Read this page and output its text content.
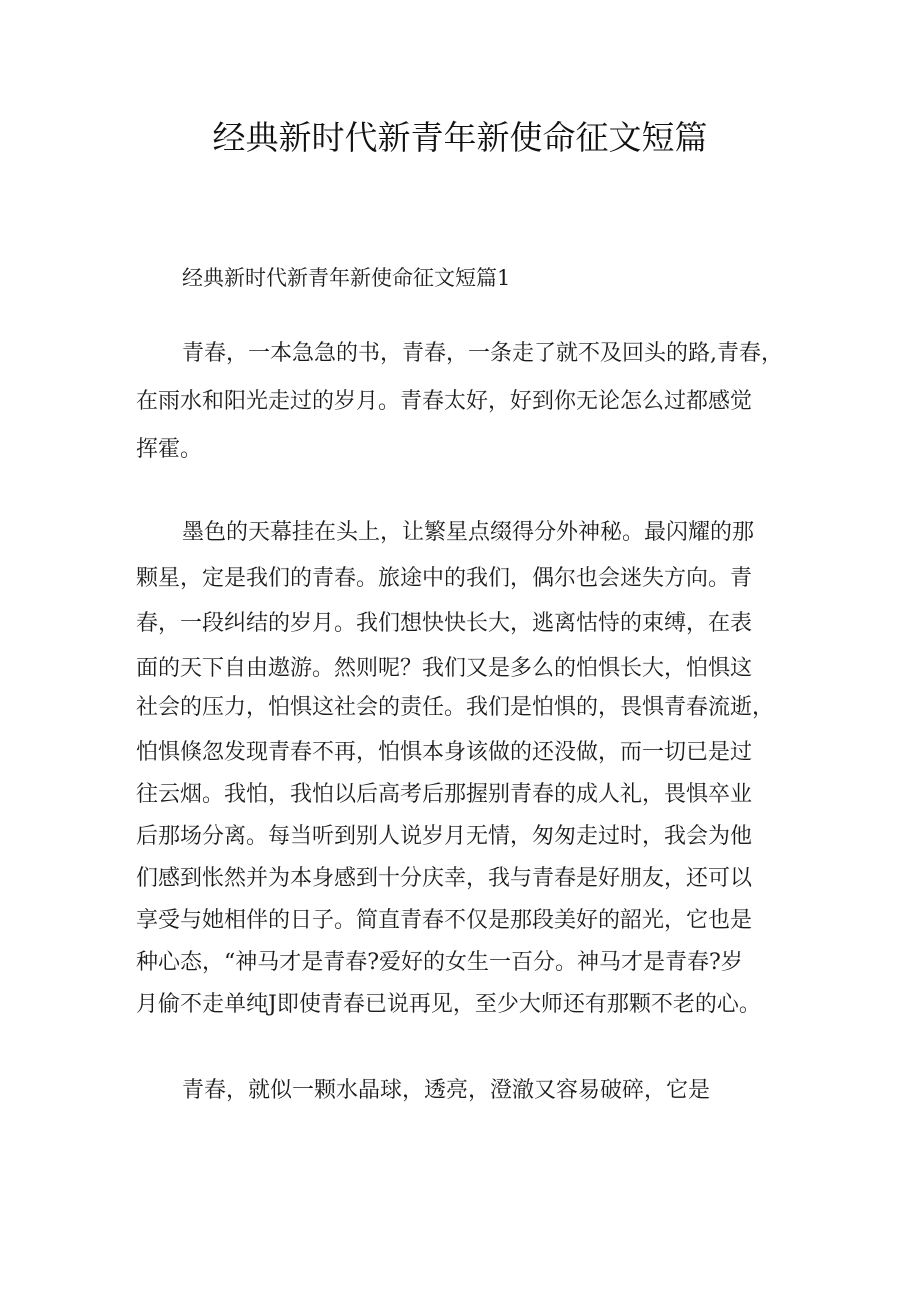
经典新时代新青年新使命征文短篇

经典新时代新青年新使命征文短篇1

青春，一本急急的书，青春，一条走了就不及回头的路,青春，

在雨水和阳光走过的岁月。青春太好，好到你无论怎么过都感觉

挥霍。

墨色的天幕挂在头上，让繁星点缀得分外神秘。最闪耀的那

颗星，定是我们的青春。旅途中的我们，偶尔也会迷失方向。青

春，一段纠结的岁月。我们想快快长大，逃离怙恃的束缚，在表

面的天下自由遨游。然则呢？我们又是多么的怕惧长大，怕惧这

社会的压力，怕惧这社会的责任。我们是怕惧的，畏惧青春流逝，

怕惧倏忽发现青春不再，怕惧本身该做的还没做，而一切已是过

往云烟。我怕，我怕以后高考后那握别青春的成人礼，畏惧卒业

后那场分离。每当听到别人说岁月无情，匆匆走过时，我会为他

们感到怅然并为本身感到十分庆幸，我与青春是好朋友，还可以

享受与她相伴的日子。简直青春不仅是那段美好的韶光，它也是

种心态，“神马才是青春?爱好的女生一百分。神马才是青春?岁

月偷不走单纯J即使青春已说再见，至少大师还有那颗不老的心。

青春，就似一颗水晶球，透亮，澄澈又容易破碎，它是
